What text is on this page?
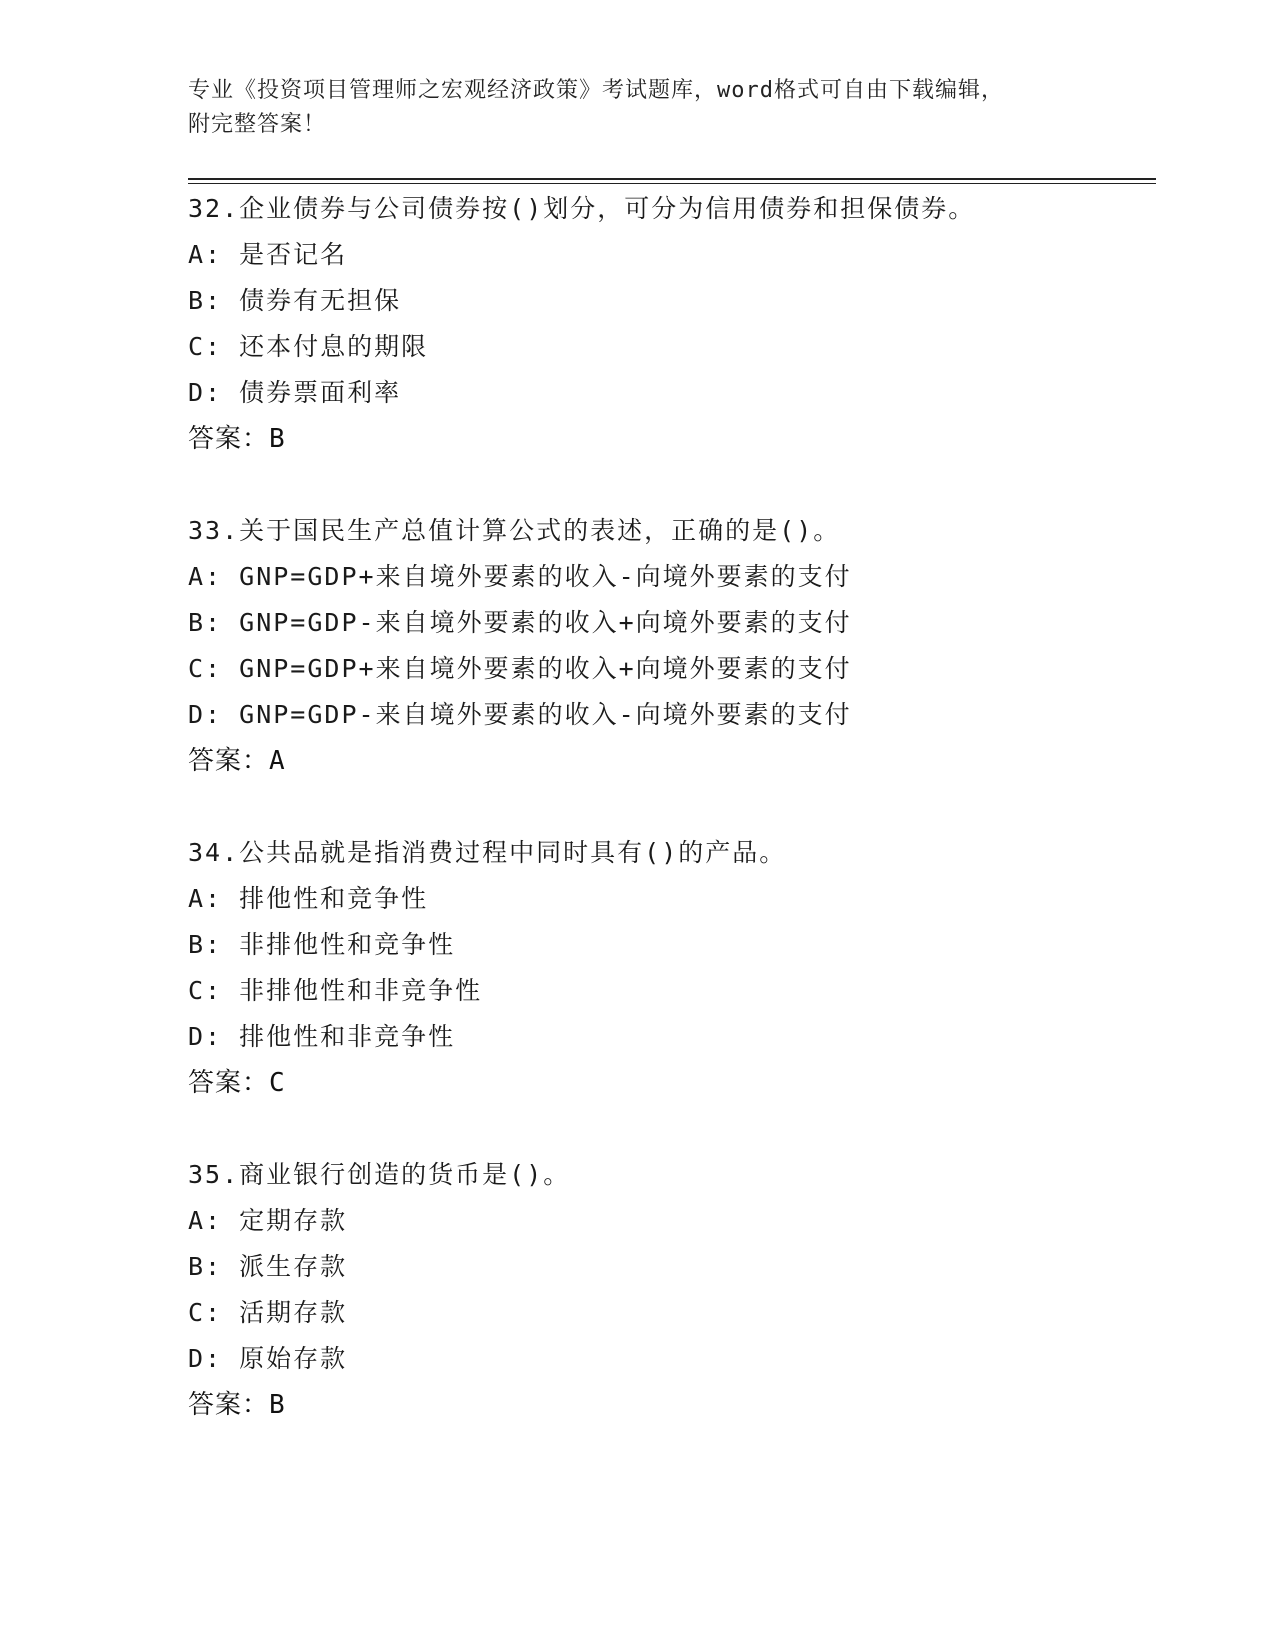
专业《投资项目管理师之宏观经济政策》考试题库，word格式可自由下载编辑，
附完整答案！
32.企业债券与公司债券按()划分，可分为信用债券和担保债券。
A: 是否记名
B: 债券有无担保
C: 还本付息的期限
D: 债券票面利率
答案：B
33.关于国民生产总值计算公式的表述，正确的是()。
A: GNP=GDP+来自境外要素的收入-向境外要素的支付
B: GNP=GDP-来自境外要素的收入+向境外要素的支付
C: GNP=GDP+来自境外要素的收入+向境外要素的支付
D: GNP=GDP-来自境外要素的收入-向境外要素的支付
答案：A
34.公共品就是指消费过程中同时具有()的产品。
A: 排他性和竞争性
B: 非排他性和竞争性
C: 非排他性和非竞争性
D: 排他性和非竞争性
答案：C
35.商业银行创造的货币是()。
A: 定期存款
B: 派生存款
C: 活期存款
D: 原始存款
答案：B
